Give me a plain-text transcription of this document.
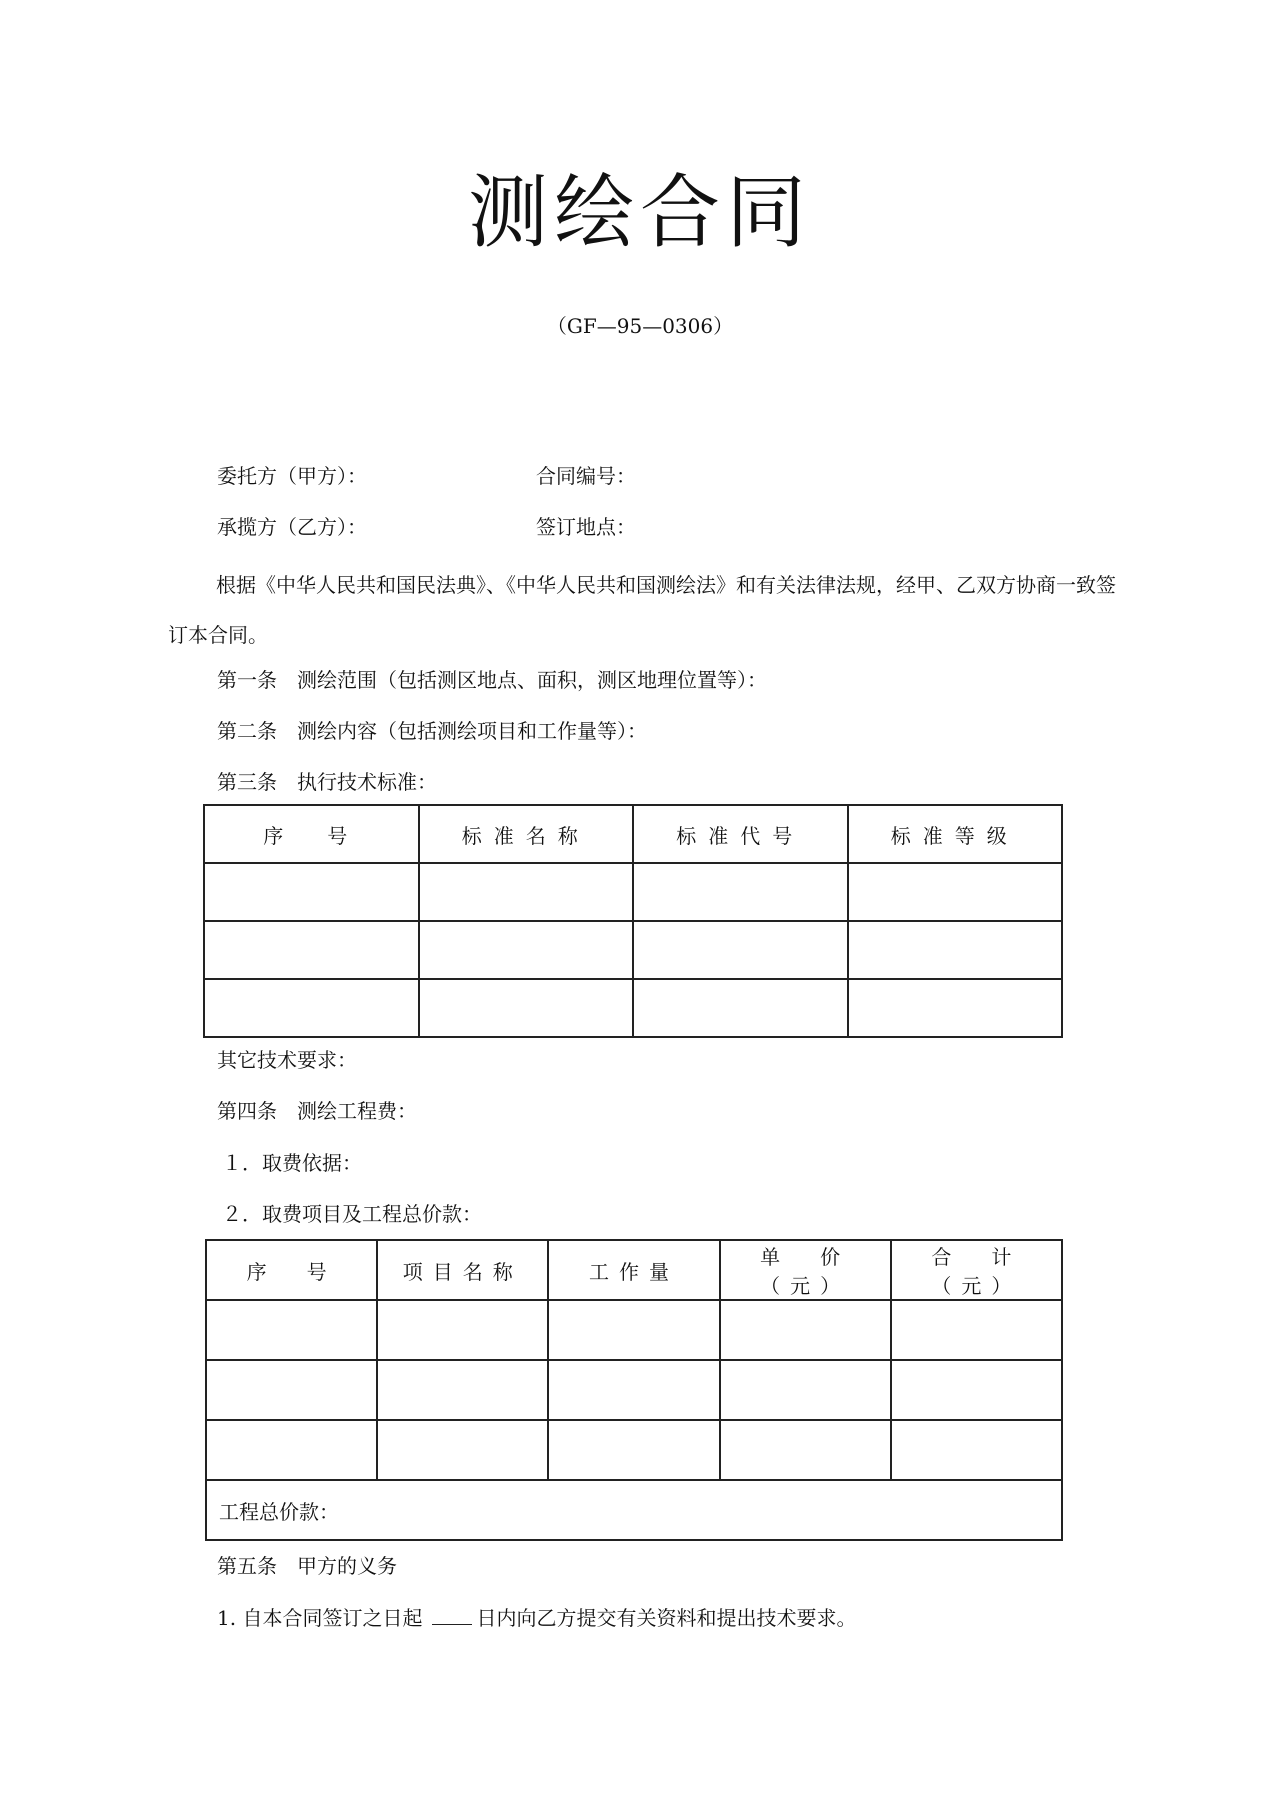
测绘合同
（GF—95—0306）
委托方（甲方）：	合同编号：
承揽方（乙方）：	签订地点：
根据《中华人民共和国民法典》、《中华人民共和国测绘法》和有关法律法规，经甲、乙双方协商一致签订本合同。
第一条　测绘范围（包括测区地点、面积，测区地理位置等）：
第二条　测绘内容（包括测绘项目和工作量等）：
第三条　执行技术标准：
序　号	标准名称	标准代号	标准等级

其它技术要求：
第四条　测绘工程费：
１．取费依据：
２．取费项目及工程总价款：
序　号	项目名称	工作量	单　价（元）	合　计（元）

工程总价款：				
第五条　甲方的义务
1. 自本合同签订之日起	日内向乙方提交有关资料和提出技术要求。
